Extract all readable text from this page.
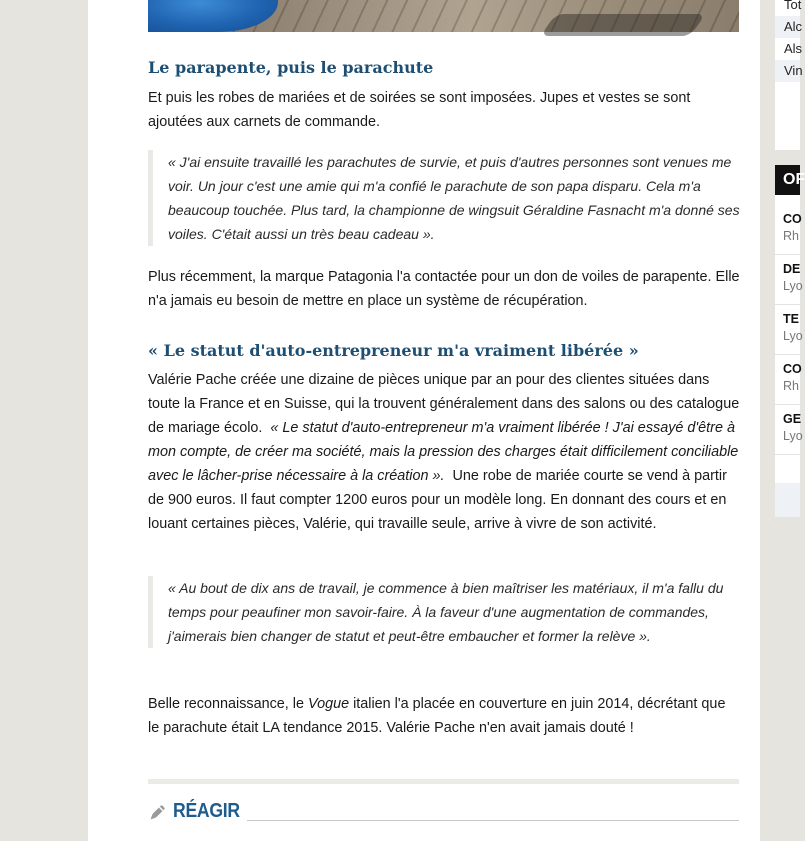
Le parapente, puis le parachute

Et puis les robes de mariées et de soirées se sont imposées. Jupes et vestes se sont ajoutées aux carnets de commande.

« J'ai ensuite travaillé les parachutes de survie, et puis d'autres personnes sont venues me voir. Un jour c'est une amie qui m'a confié le parachute de son papa disparu. Cela m'a beaucoup touchée. Plus tard, la championne de wingsuit Géraldine Fasnacht m'a donné ses voiles. C'était aussi un très beau cadeau ».

Plus récemment, la marque Patagonia l'a contactée pour un don de voiles de parapente. Elle n'a jamais eu besoin de mettre en place un système de récupération.

« Le statut d'auto-entrepreneur m'a vraiment libérée »

Valérie Pache créée une dizaine de pièces unique par an pour des clientes situées dans toute la France et en Suisse, qui la trouvent généralement dans des salons ou des catalogue de mariage écolo. « Le statut d'auto-entrepreneur m'a vraiment libérée ! J'ai essayé d'être à mon compte, de créer ma société, mais la pression des charges était difficilement conciliable avec le lâcher-prise nécessaire à la création ». Une robe de mariée courte se vend à partir de 900 euros. Il faut compter 1200 euros pour un modèle long. En donnant des cours et en louant certaines pièces, Valérie, qui travaille seule, arrive à vivre de son activité.

« Au bout de dix ans de travail, je commence à bien maîtriser les matériaux, il m'a fallu du temps pour peaufiner mon savoir-faire. À la faveur d'une augmentation de commandes, j'aimerais bien changer de statut et peut-être embaucher et former la relève ».

Belle reconnaissance, le Vogue italien l'a placée en couverture en juin 2014, décrétant que le parachute était LA tendance 2015. Valérie Pache n'en avait jamais douté !

RÉAGIR
Tot
Alc
Als
Vin
OF
CO
Rh
DE
Lyo
TE
Lyo
CO
Rh
GE
Lyo
